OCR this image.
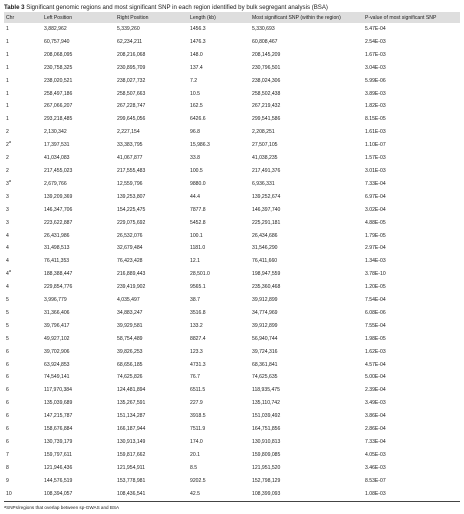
Table 3 Significant genomic regions and most significant SNP in each region identified by bulk segregant analysis (BSA)
Chr	Left Position	Right Position	Length (kb)	Most significant SNP (within the region)	P-value of most significant SNP
1	3,882,962	5,339,260	1456.3	5,330,693	5.47E-04
1	60,757,940	62,234,211	1476.3	60,808,467	2.54E-03
1	208,068,095	208,216,068	148.0	208,145,209	1.67E-03
1	230,758,325	230,895,709	137.4	230,796,501	3.04E-03
1	238,020,521	238,027,732	7.2	238,024,306	5.99E-06
1	258,497,186	258,507,663	10.5	258,502,438	3.89E-03
1	267,066,207	267,228,747	162.5	267,219,432	1.82E-03
1	293,218,485	299,645,056	6426.6	299,541,586	8.15E-05
2	2,130,342	2,227,154	96.8	2,208,251	1.61E-03
2$^a$	17,397,531	33,383,795	15,986.3	27,507,105	1.10E-07
2	41,034,083	41,067,877	33.8	41,038,235	1.57E-03
2	217,455,023	217,555,483	100.5	217,491,376	3.01E-03
3$^a$	2,679,766	12,559,796	9880.0	6,936,331	7.33E-04
3	139,209,369	139,253,807	44.4	139,252,674	6.97E-04
3	146,347,706	154,225,475	7877.8	146,397,740	3.02E-04
3	223,622,887	229,075,692	5452.8	225,291,181	4.88E-05
4	26,431,986	26,532,076	100.1	26,434,686	1.79E-05
4	31,498,513	32,679,484	1181.0	31,546,290	2.97E-04
4	76,411,353	76,423,428	12.1	76,411,660	1.34E-03
4$^a$	188,388,447	216,889,443	28,501.0	198,947,559	3.78E-10
4	229,854,776	239,419,902	9565.1	235,360,468	1.20E-05
5	3,996,779	4,035,497	38.7	39,912,899	7.54E-04
5	31,366,406	34,883,247	3516.8	34,774,969	6.08E-06
5	39,796,417	39,929,581	133.2	39,912,899	7.55E-04
5	49,927,102	58,754,489	8827.4	56,940,744	1.98E-05
6	39,702,906	39,826,253	123.3	39,724,316	1.62E-03
6	63,924,853	68,656,185	4731.3	68,361,841	4.57E-04
6	74,549,141	74,625,826	76.7	74,625,635	5.00E-04
6	117,970,384	124,481,894	6511.5	118,935,475	2.39E-04
6	135,039,689	135,267,591	227.9	135,110,742	3.49E-03
6	147,215,787	151,134,287	3918.5	151,039,492	3.86E-04
6	158,676,884	166,187,944	7511.9	164,751,856	2.86E-04
6	130,739,179	130,913,149	174.0	130,910,813	7.33E-04
7	159,797,611	159,817,662	20.1	159,809,085	4.05E-03
8	121,946,436	121,954,911	8.5	121,951,520	3.46E-03
9	144,576,519	153,778,981	9202.5	152,798,129	8.53E-07
10	108,394,057	108,436,541	42.5	108,399,093	1.08E-03
$^a$SNPs/regions that overlap between sp-GWAS and BSA
